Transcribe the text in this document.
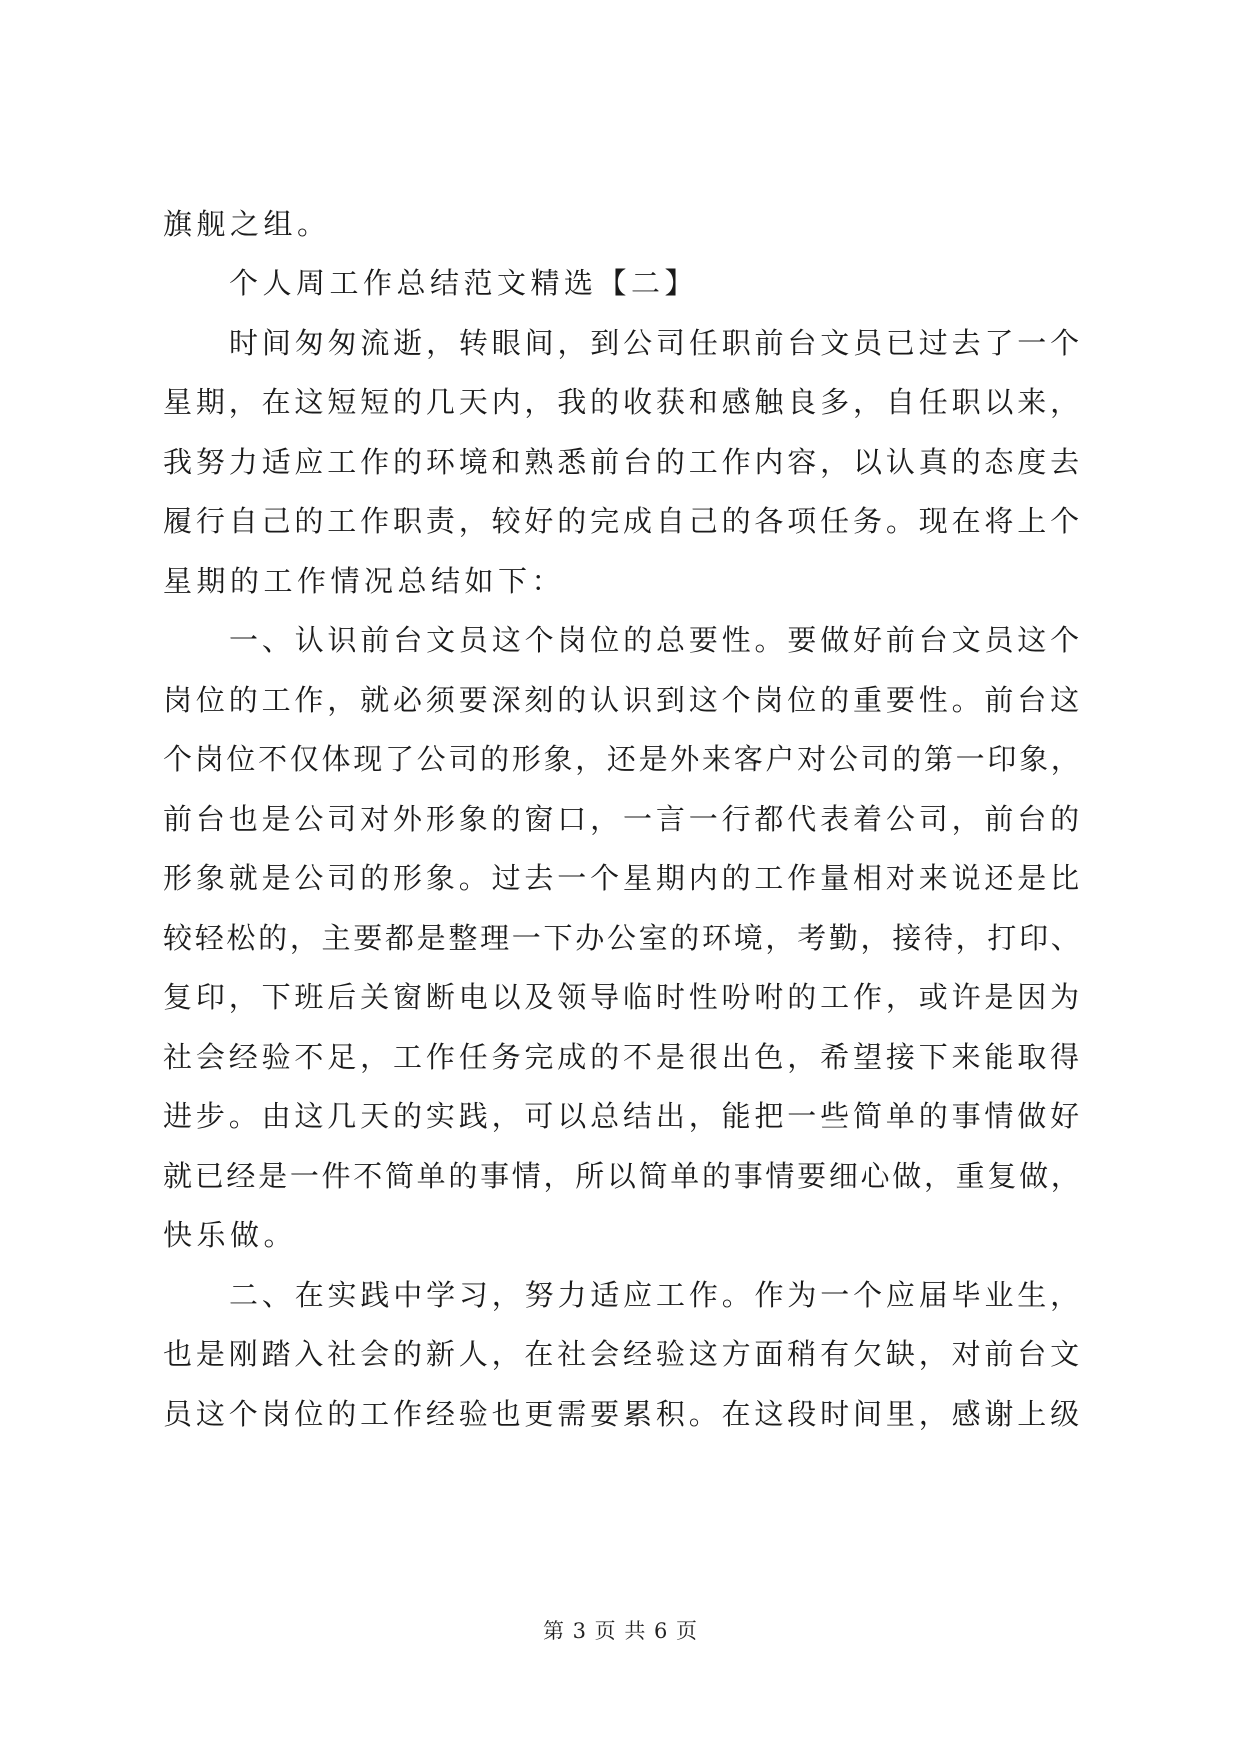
旗舰之组。
个人周工作总结范文精选【二】
时间匆匆流逝，转眼间，到公司任职前台文员已过去了一个
星期，在这短短的几天内，我的收获和感触良多，自任职以来，
我努力适应工作的环境和熟悉前台的工作内容，以认真的态度去
履行自己的工作职责，较好的完成自己的各项任务。现在将上个
星期的工作情况总结如下：
一、认识前台文员这个岗位的总要性。要做好前台文员这个
岗位的工作，就必须要深刻的认识到这个岗位的重要性。前台这
个岗位不仅体现了公司的形象，还是外来客户对公司的第一印象，
前台也是公司对外形象的窗口，一言一行都代表着公司，前台的
形象就是公司的形象。过去一个星期内的工作量相对来说还是比
较轻松的，主要都是整理一下办公室的环境，考勤，接待，打印、
复印，下班后关窗断电以及领导临时性吩咐的工作，或许是因为
社会经验不足，工作任务完成的不是很出色，希望接下来能取得
进步。由这几天的实践，可以总结出，能把一些简单的事情做好
就已经是一件不简单的事情，所以简单的事情要细心做，重复做，
快乐做。
二、在实践中学习，努力适应工作。作为一个应届毕业生，
也是刚踏入社会的新人，在社会经验这方面稍有欠缺，对前台文
员这个岗位的工作经验也更需要累积。在这段时间里，感谢上级
第 3 页 共 6 页
